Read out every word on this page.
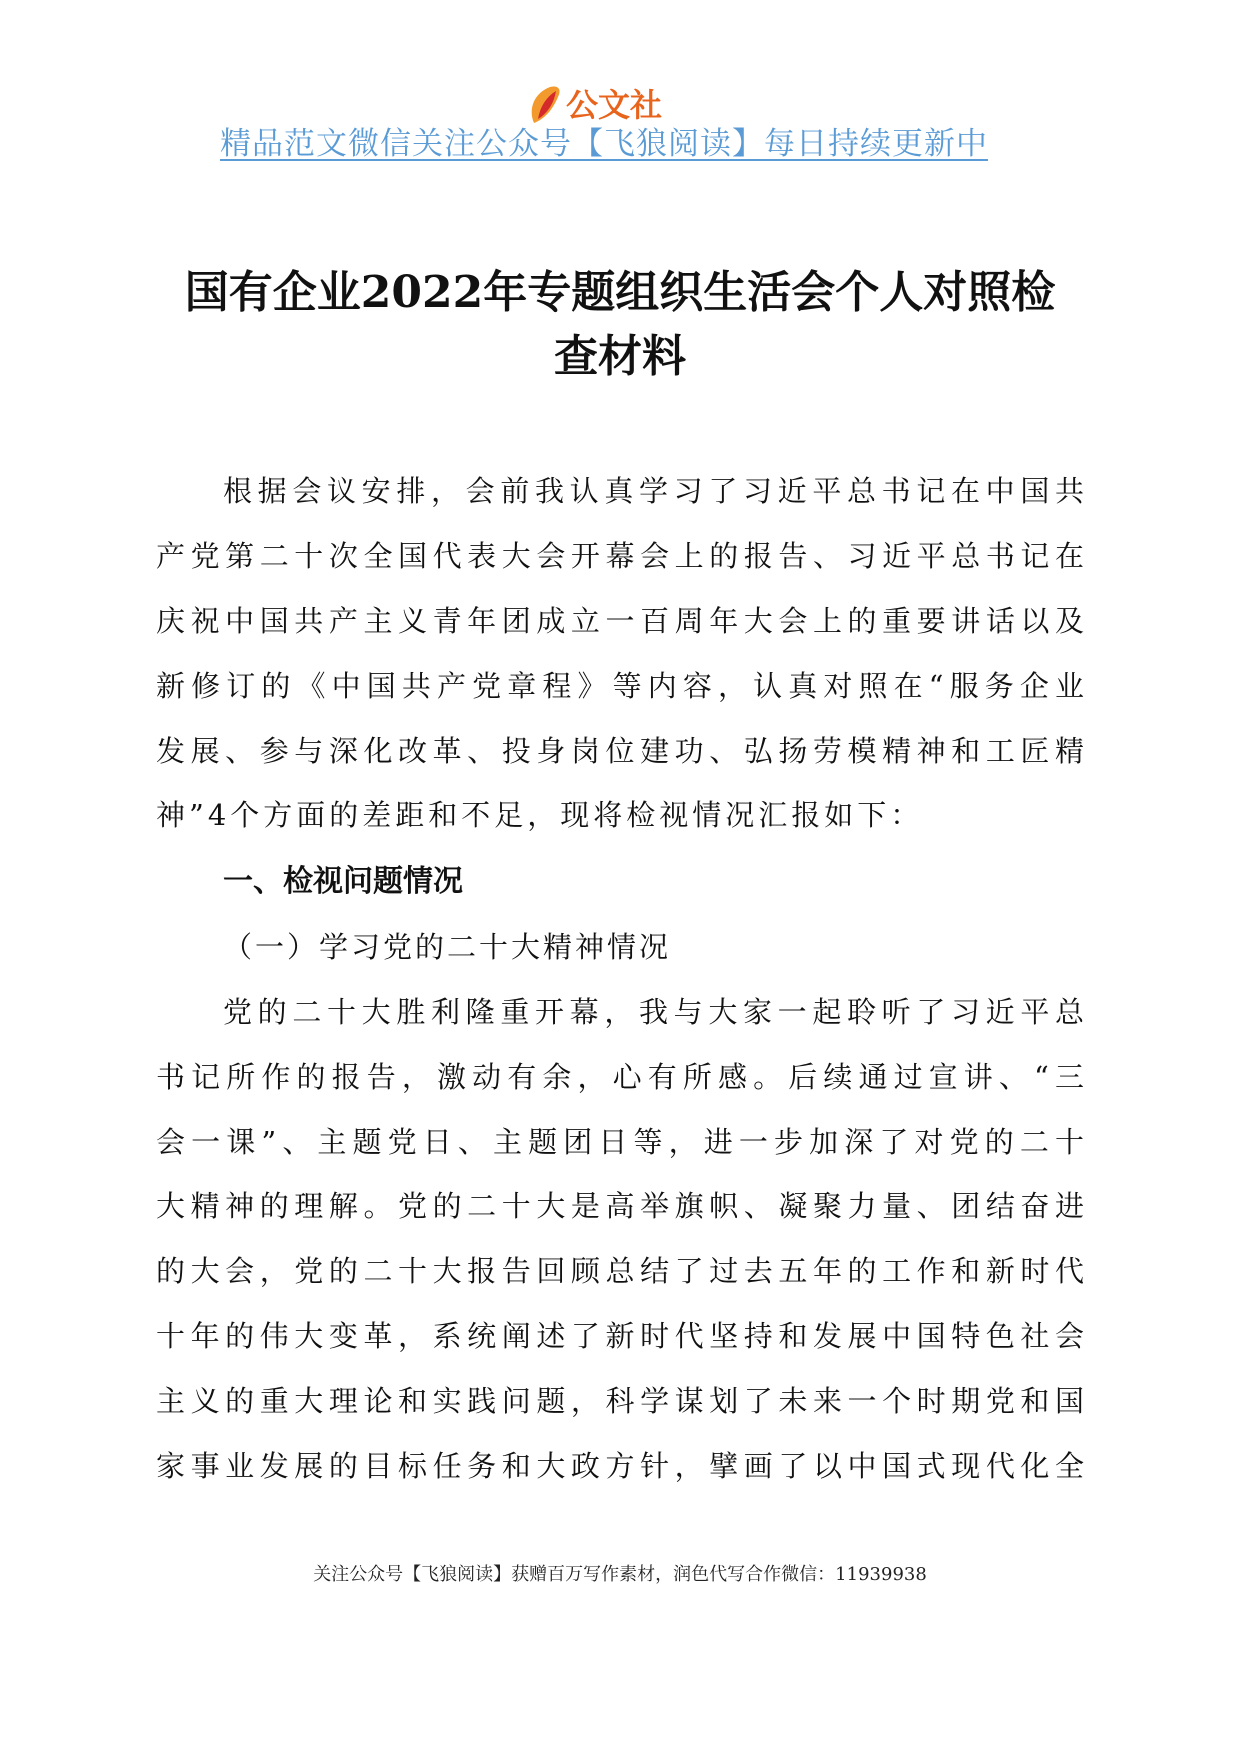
公文社
精品范文微信关注公众号【飞狼阅读】每日持续更新中
国有企业2022年专题组织生活会个人对照检
查材料
根据会议安排，会前我认真学习了习近平总书记在中国共
产党第二十次全国代表大会开幕会上的报告、习近平总书记在
庆祝中国共产主义青年团成立一百周年大会上的重要讲话以及
新修订的《中国共产党章程》等内容，认真对照在“服务企业
发展、参与深化改革、投身岗位建功、弘扬劳模精神和工匠精
神”4个方面的差距和不足，现将检视情况汇报如下：
一、检视问题情况
（一）学习党的二十大精神情况
党的二十大胜利隆重开幕，我与大家一起聆听了习近平总
书记所作的报告，激动有余，心有所感。后续通过宣讲、“三
会一课”、主题党日、主题团日等，进一步加深了对党的二十
大精神的理解。党的二十大是高举旗帜、凝聚力量、团结奋进
的大会，党的二十大报告回顾总结了过去五年的工作和新时代
十年的伟大变革，系统阐述了新时代坚持和发展中国特色社会
主义的重大理论和实践问题，科学谋划了未来一个时期党和国
家事业发展的目标任务和大政方针，擘画了以中国式现代化全
关注公众号【飞狼阅读】获赠百万写作素材，润色代写合作微信：11939938
